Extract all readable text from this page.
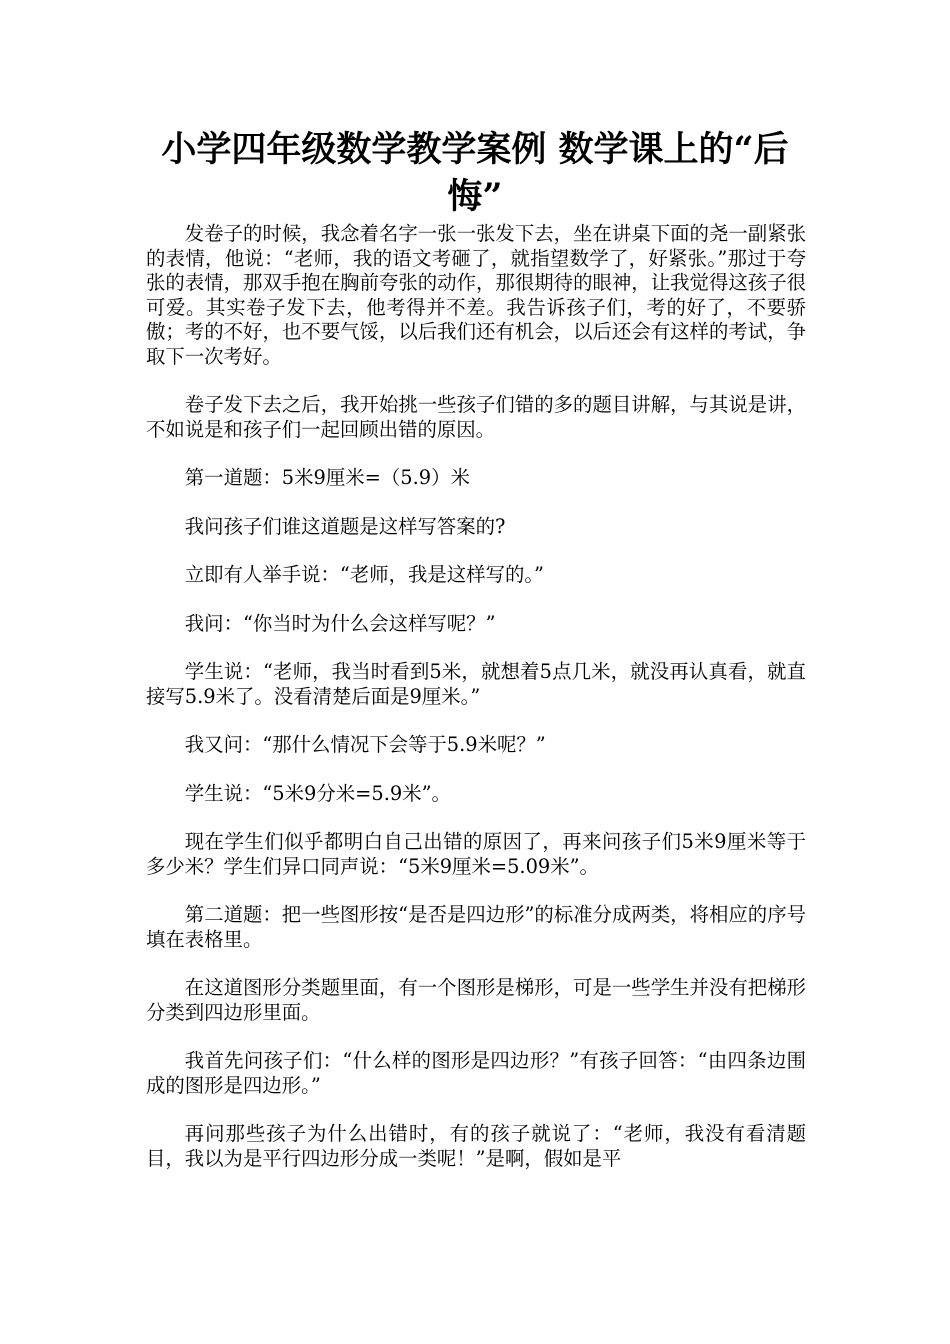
小学四年级数学教学案例 数学课上的“后悔”

发卷子的时候，我念着名字一张一张发下去，坐在讲桌下面的尧一副紧张的表情，他说：“老师，我的语文考砸了，就指望数学了，好紧张。”那过于夸张的表情，那双手抱在胸前夸张的动作，那很期待的眼神，让我觉得这孩子很可爱。其实卷子发下去，他考得并不差。我告诉孩子们，考的好了，不要骄傲；考的不好，也不要气馁，以后我们还有机会，以后还会有这样的考试，争取下一次考好。

卷子发下去之后，我开始挑一些孩子们错的多的题目讲解，与其说是讲，不如说是和孩子们一起回顾出错的原因。

第一道题：5米9厘米=（5.9）米

我问孩子们谁这道题是这样写答案的?

立即有人举手说：“老师，我是这样写的。”

我问：“你当时为什么会这样写呢？”

学生说：“老师，我当时看到5米，就想着5点几米，就没再认真看，就直接写5.9米了。没看清楚后面是9厘米。”

我又问：“那什么情况下会等于5.9米呢？”

学生说：“5米9分米=5.9米”。

现在学生们似乎都明白自己出错的原因了，再来问孩子们5米9厘米等于多少米？学生们异口同声说：“5米9厘米=5.09米”。

第二道题：把一些图形按“是否是四边形”的标准分成两类，将相应的序号填在表格里。

在这道图形分类题里面，有一个图形是梯形，可是一些学生并没有把梯形分类到四边形里面。

我首先问孩子们：“什么样的图形是四边形？”有孩子回答：“由四条边围成的图形是四边形。”

再问那些孩子为什么出错时，有的孩子就说了：“老师，我没有看清题目，我以为是平行四边形分成一类呢！”是啊，假如是平
